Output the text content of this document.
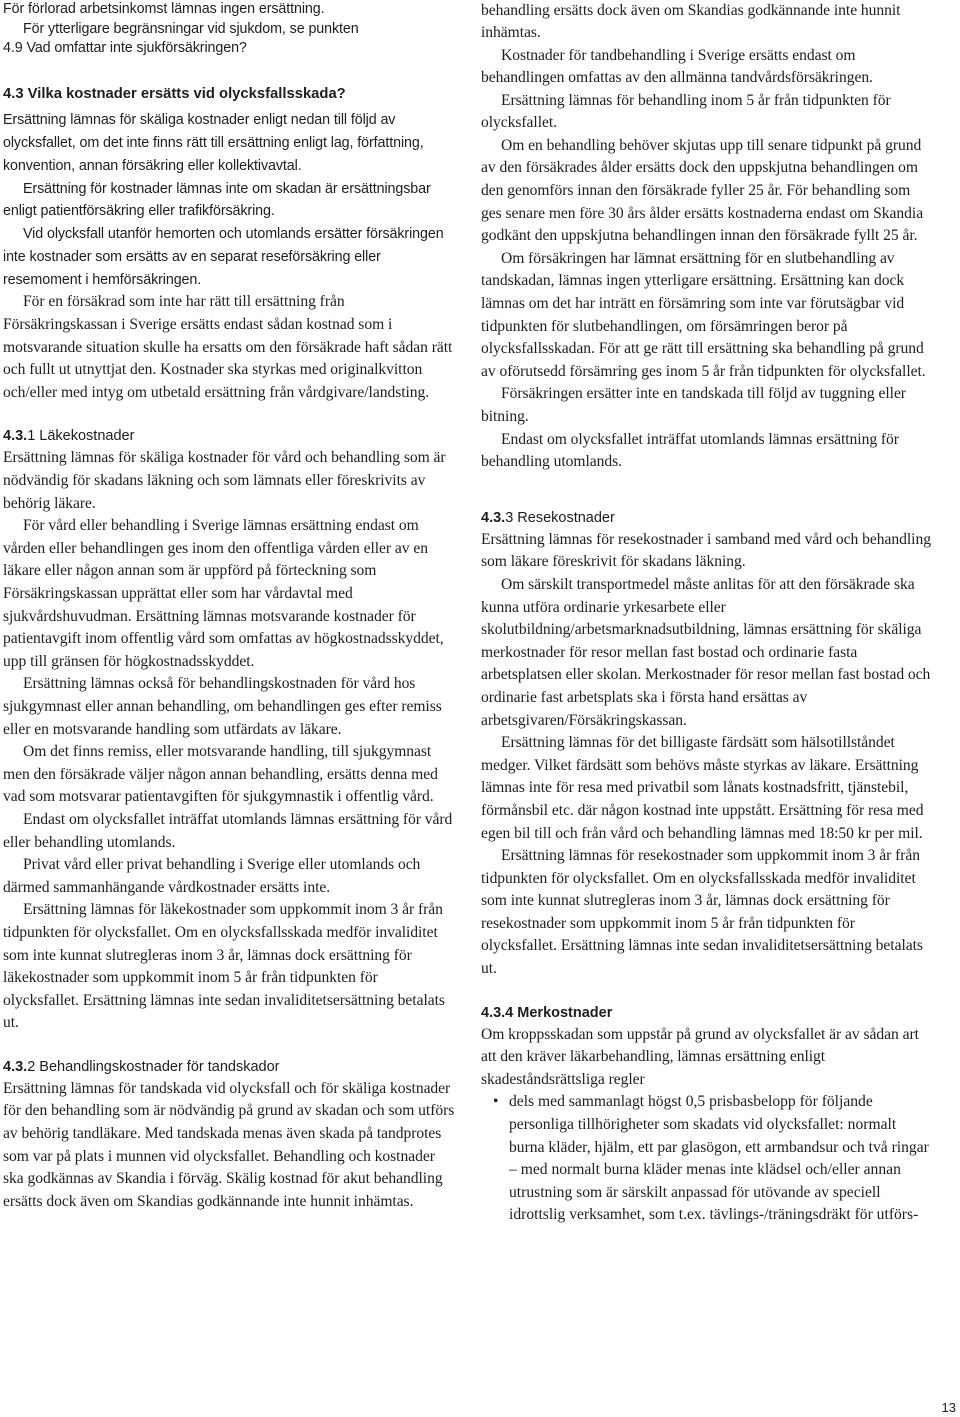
För förlorad arbetsinkomst lämnas ingen ersättning.

För ytterligare begränsningar vid sjukdom, se punkten

4.9 Vad omfattar inte sjukförsäkringen?

4.3 Vilka kostnader ersätts vid olycksfallsskada?

Ersättning lämnas för skäliga kostnader enligt nedan till följd av olycksfallet, om det inte finns rätt till ersättning enligt lag, författning, konvention, annan försäkring eller kollektivavtal.

Ersättning för kostnader lämnas inte om skadan är ersättningsbar enligt patientförsäkring eller trafikförsäkring.

Vid olycksfall utanför hemorten och utomlands ersätter försäkringen inte kostnader som ersätts av en separat reseförsäkring eller resemoment i hemförsäkringen.

För en försäkrad som inte har rätt till ersättning från Försäkringskassan i Sverige ersätts endast sådan kostnad som i motsvarande situation skulle ha ersatts om den försäkrade haft sådan rätt och fullt ut utnyttjat den. Kostnader ska styrkas med originalkvitton och/eller med intyg om utbetald ersättning från vårdgivare/landsting.

4.3.1 Läkekostnader

Ersättning lämnas för skäliga kostnader för vård och behandling som är nödvändig för skadans läkning och som lämnats eller föreskrivits av behörig läkare.

För vård eller behandling i Sverige lämnas ersättning endast om vården eller behandlingen ges inom den offentliga vården eller av en läkare eller någon annan som är uppförd på förteckning som Försäkringskassan upprättat eller som har vårdavtal med sjukvårdshuvudman. Ersättning lämnas motsvarande kostnader för patientavgift inom offentlig vård som omfattas av högkostnadsskyddet, upp till gränsen för högkostnadsskyddet.

Ersättning lämnas också för behandlingskostnaden för vård hos sjukgymnast eller annan behandling, om behandlingen ges efter remiss eller en motsvarande handling som utfärdats av läkare.

Om det finns remiss, eller motsvarande handling, till sjukgymnast men den försäkrade väljer någon annan behandling, ersätts denna med vad som motsvarar patientavgiften för sjukgymnastik i offentlig vård.

Endast om olycksfallet inträffat utomlands lämnas ersättning för vård eller behandling utomlands.

Privat vård eller privat behandling i Sverige eller utomlands och därmed sammanhängande vårdkostnader ersätts inte.

Ersättning lämnas för läkekostnader som uppkommit inom 3 år från tidpunkten för olycksfallet. Om en olycksfallsskada medför invaliditet som inte kunnat slutregleras inom 3 år, lämnas dock ersättning för läkekostnader som uppkommit inom 5 år från tidpunkten för olycksfallet. Ersättning lämnas inte sedan invaliditetsersättning betalats ut.

4.3.2 Behandlingskostnader för tandskador

Ersättning lämnas för tandskada vid olycksfall och för skäliga kostnader för den behandling som är nödvändig på grund av skadan och som utförs av behörig tandläkare. Med tandskada menas även skada på tandprotes som var på plats i munnen vid olycksfallet. Behandling och kostnader ska godkännas av Skandia i förväg. Skälig kostnad för akut behandling ersätts dock även om Skandias godkännande inte hunnit inhämtas.

behandling ersätts dock även om Skandias godkännande inte hunnit inhämtas.

Kostnader för tandbehandling i Sverige ersätts endast om behandlingen omfattas av den allmänna tandvårdsförsäkringen.

Ersättning lämnas för behandling inom 5 år från tidpunkten för olycksfallet.

Om en behandling behöver skjutas upp till senare tidpunkt på grund av den försäkrades ålder ersätts dock den uppskjutna behandlingen om den genomförs innan den försäkrade fyller 25 år. För behandling som ges senare men före 30 års ålder ersätts kostnaderna endast om Skandia godkänt den uppskjutna behandlingen innan den försäkrade fyllt 25 år.

Om försäkringen har lämnat ersättning för en slutbehandling av tandskadan, lämnas ingen ytterligare ersättning. Ersättning kan dock lämnas om det har inträtt en försämring som inte var förutsägbar vid tidpunkten för slutbehandlingen, om försämringen beror på olycksfallsskadan. För att ge rätt till ersättning ska behandling på grund av oförutsedd försämring ges inom 5 år från tidpunkten för olycksfallet.

Försäkringen ersätter inte en tandskada till följd av tuggning eller bitning.

Endast om olycksfallet inträffat utomlands lämnas ersättning för behandling utomlands.

4.3.3 Resekostnader

Ersättning lämnas för resekostnader i samband med vård och behandling som läkare föreskrivit för skadans läkning.

Om särskilt transportmedel måste anlitas för att den försäkrade ska kunna utföra ordinarie yrkesarbete eller skolutbildning/arbetsmarknadsutbildning, lämnas ersättning för skäliga merkostnader för resor mellan fast bostad och ordinarie fasta arbetsplatsen eller skolan. Merkostnader för resor mellan fast bostad och ordinarie fast arbetsplats ska i första hand ersättas av arbetsgivaren/Försäkringskassan.

Ersättning lämnas för det billigaste färdsätt som hälsotillståndet medger. Vilket färdsätt som behövs måste styrkas av läkare. Ersättning lämnas inte för resa med privatbil som lånats kostnadsfritt, tjänstebil, förmånsbil etc. där någon kostnad inte uppstått. Ersättning för resa med egen bil till och från vård och behandling lämnas med 18:50 kr per mil.

Ersättning lämnas för resekostnader som uppkommit inom 3 år från tidpunkten för olycksfallet. Om en olycksfallsskada medför invaliditet som inte kunnat slutregleras inom 3 år, lämnas dock ersättning för resekostnader som uppkommit inom 5 år från tidpunkten för olycksfallet. Ersättning lämnas inte sedan invaliditetsersättning betalats ut.

4.3.4 Merkostnader

Om kroppsskadan som uppstår på grund av olycksfallet är av sådan art att den kräver läkarbehandling, lämnas ersättning enligt skadeståndsrättsliga regler

• dels med sammanlagt högst 0,5 prisbasbelopp för följande personliga tillhörigheter som skadats vid olycksfallet: normalt burna kläder, hjälm, ett par glasögon, ett armbandsur och två ringar – med normalt burna kläder menas inte klädsel och/eller annan utrustning som är särskilt anpassad för utövande av speciell idrottslig verksamhet, som t.ex. tävlings-/träningsdräkt för utförs-
13
